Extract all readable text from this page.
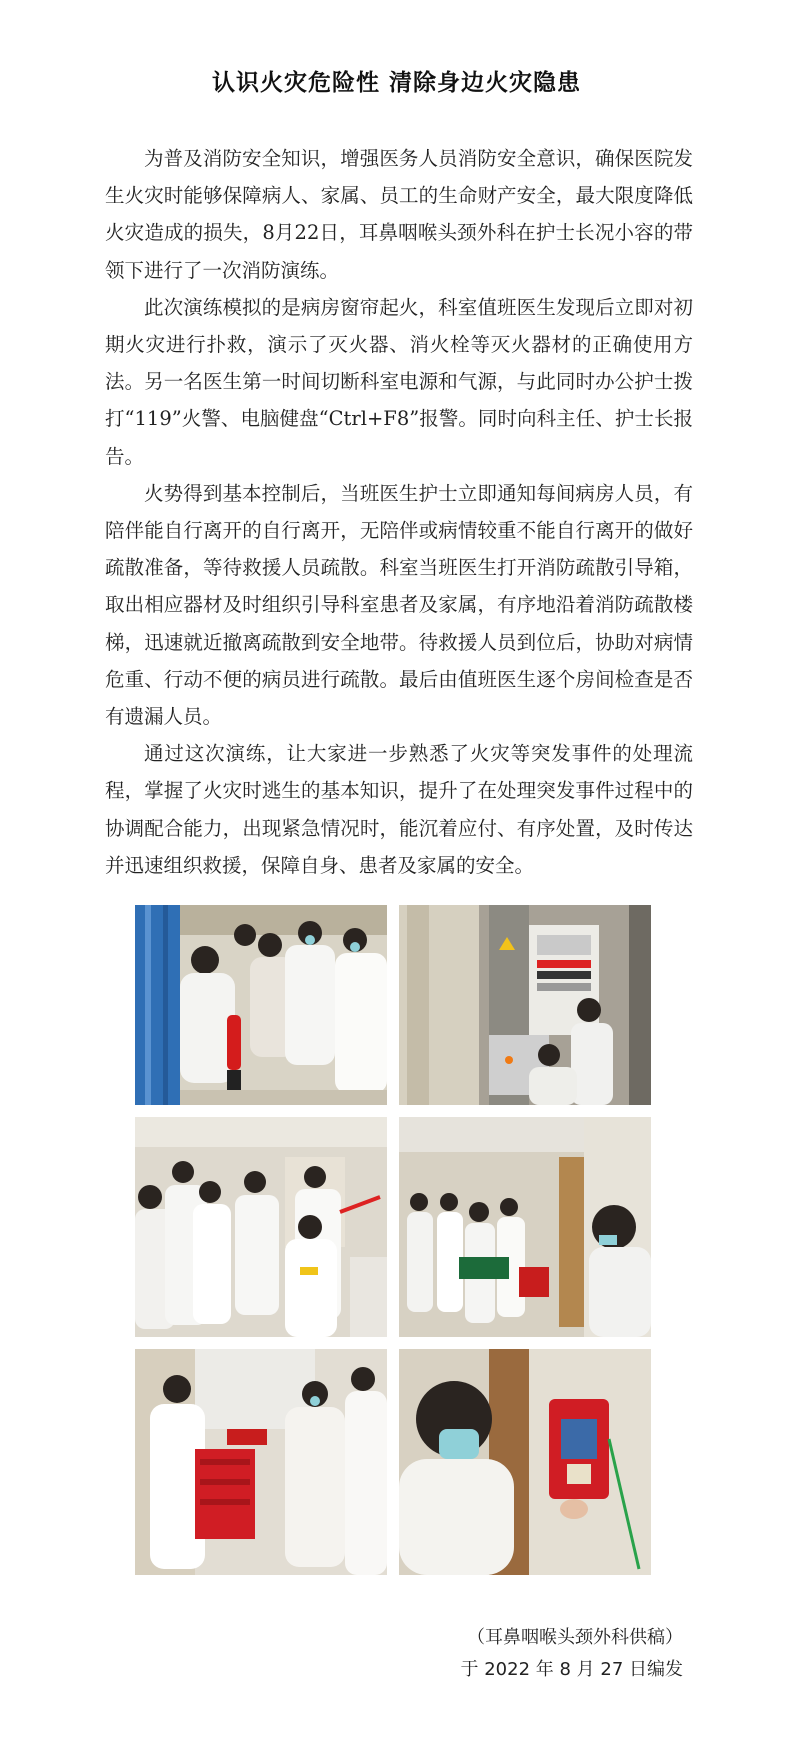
认识火灾危险性 清除身边火灾隐患

为普及消防安全知识，增强医务人员消防安全意识，确保医院发生火灾时能够保障病人、家属、员工的生命财产安全，最大限度降低火灾造成的损失，8月22日，耳鼻咽喉头颈外科在护士长况小容的带领下进行了一次消防演练。

此次演练模拟的是病房窗帘起火，科室值班医生发现后立即对初期火灾进行扑救，演示了灭火器、消火栓等灭火器材的正确使用方法。另一名医生第一时间切断科室电源和气源，与此同时办公护士拨打“119”火警、电脑健盘“Ctrl+F8”报警。同时向科主任、护士长报告。

火势得到基本控制后，当班医生护士立即通知每间病房人员，有陪伴能自行离开的自行离开，无陪伴或病情较重不能自行离开的做好疏散准备，等待救援人员疏散。科室当班医生打开消防疏散引导箱，取出相应器材及时组织引导科室患者及家属，有序地沿着消防疏散楼梯，迅速就近撤离疏散到安全地带。待救援人员到位后，协助对病情危重、行动不便的病员进行疏散。最后由值班医生逐个房间检查是否有遗漏人员。

通过这次演练，让大家进一步熟悉了火灾等突发事件的处理流程，掌握了火灾时逃生的基本知识，提升了在处理突发事件过程中的协调配合能力，出现紧急情况时，能沉着应付、有序处置，及时传达并迅速组织救援，保障自身、患者及家属的安全。

（耳鼻咽喉头颈外科供稿）
于 2022 年 8 月 27 日编发
